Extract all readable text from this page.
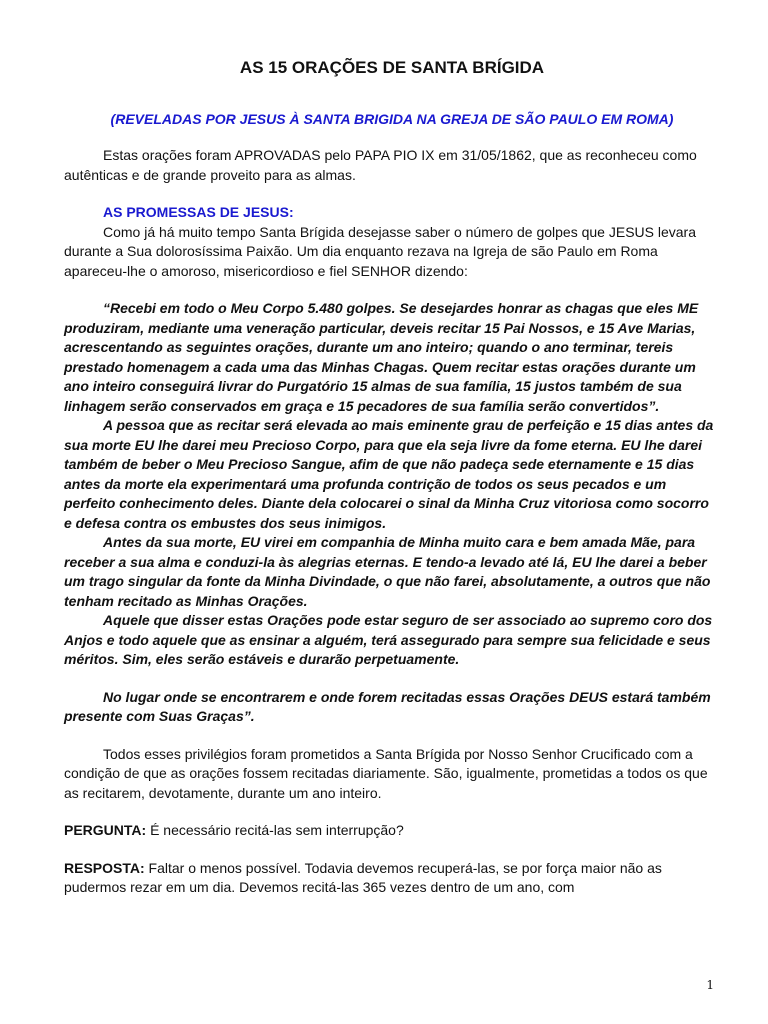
AS 15 ORAÇÕES DE SANTA BRÍGIDA
(REVELADAS POR JESUS À SANTA BRIGIDA NA GREJA DE SÃO PAULO EM ROMA)

Estas orações foram APROVADAS pelo PAPA PIO IX em 31/05/1862, que as reconheceu como autênticas e de grande proveito para as almas.

AS PROMESSAS DE JESUS:

Como já há muito tempo Santa Brígida desejasse saber o número de golpes que JESUS levara durante a Sua dolorosíssima Paixão. Um dia enquanto rezava na Igreja de são Paulo em Roma apareceu-lhe o amoroso, misericordioso e fiel SENHOR dizendo:

“Recebi em todo o Meu Corpo 5.480 golpes. Se desejardes honrar as chagas que eles ME produziram, mediante uma veneração particular, deveis recitar 15 Pai Nossos, e 15 Ave Marias, acrescentando as seguintes orações, durante um ano inteiro; quando o ano terminar, tereis prestado homenagem a cada uma das Minhas Chagas. Quem recitar estas orações durante um ano inteiro conseguirá livrar do Purgatório 15 almas de sua família, 15 justos também de sua linhagem serão conservados em graça e 15 pecadores de sua família serão convertidos”.

A pessoa que as recitar será elevada ao mais eminente grau de perfeição e 15 dias antes da sua morte EU lhe darei meu Precioso Corpo, para que ela seja livre da fome eterna. EU lhe darei também de beber o Meu Precioso Sangue, afim de que não padeça sede eternamente e 15 dias antes da morte ela experimentará uma profunda contrição de todos os seus pecados e um perfeito conhecimento deles. Diante dela colocarei o sinal da Minha Cruz vitoriosa como socorro e defesa contra os embustes dos seus inimigos.

Antes da sua morte, EU virei em companhia de Minha muito cara e bem amada Mãe, para receber a sua alma e conduzi-la às alegrias eternas. E tendo-a levado até lá, EU lhe darei a beber um trago singular da fonte da Minha Divindade, o que não farei, absolutamente, a outros que não tenham recitado as Minhas Orações.

Aquele que disser estas Orações pode estar seguro de ser associado ao supremo coro dos Anjos e todo aquele que as ensinar a alguém, terá assegurado para sempre sua felicidade e seus méritos. Sim, eles serão estáveis e durarão perpetuamente.

No lugar onde se encontrarem e onde forem recitadas essas Orações DEUS estará também presente com Suas Graças”.

Todos esses privilégios foram prometidos a Santa Brígida por Nosso Senhor Crucificado com a condição de que as orações fossem recitadas diariamente. São, igualmente, prometidas a todos os que as recitarem, devotamente, durante um ano inteiro.

PERGUNTA: É necessário recitá-las sem interrupção?

RESPOSTA: Faltar o menos possível. Todavia devemos recuperá-las, se por força maior não as pudermos rezar em um dia. Devemos recitá-las 365 vezes dentro de um ano, com

1
